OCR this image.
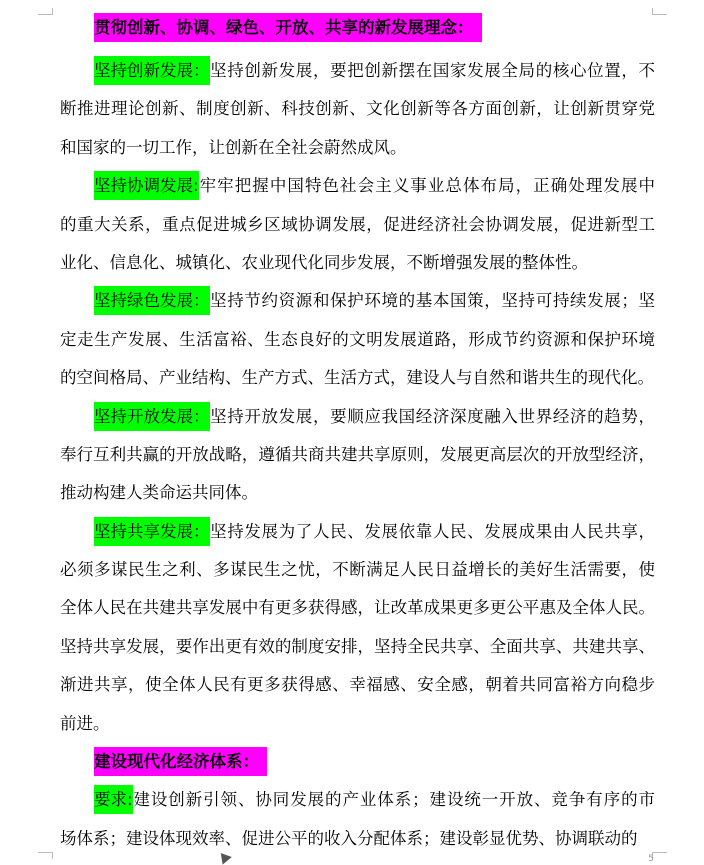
贯彻创新、协调、绿色、开放、共享的新发展理念：
坚持创新发展：坚持创新发展，要把创新摆在国家发展全局的核心位置，不
断推进理论创新、制度创新、科技创新、文化创新等各方面创新，让创新贯穿党
和国家的一切工作，让创新在全社会蔚然成风。
坚持协调发展:牢牢把握中国特色社会主义事业总体布局，正确处理发展中
的重大关系，重点促进城乡区域协调发展，促进经济社会协调发展，促进新型工
业化、信息化、城镇化、农业现代化同步发展，不断增强发展的整体性。
坚持绿色发展：坚持节约资源和保护环境的基本国策，坚持可持续发展；坚
定走生产发展、生活富裕、生态良好的文明发展道路，形成节约资源和保护环境
的空间格局、产业结构、生产方式、生活方式，建设人与自然和谐共生的现代化。
坚持开放发展：坚持开放发展，要顺应我国经济深度融入世界经济的趋势，
奉行互利共赢的开放战略，遵循共商共建共享原则，发展更高层次的开放型经济，
推动构建人类命运共同体。
坚持共享发展：坚持发展为了人民、发展依靠人民、发展成果由人民共享，
必须多谋民生之利、多谋民生之忧，不断满足人民日益增长的美好生活需要，使
全体人民在共建共享发展中有更多获得感，让改革成果更多更公平惠及全体人民。
坚持共享发展，要作出更有效的制度安排，坚持全民共享、全面共享、共建共享、
渐进共享，使全体人民有更多获得感、幸福感、安全感，朝着共同富裕方向稳步
前进。
建设现代化经济体系：
要求:建设创新引领、协同发展的产业体系；建设统一开放、竞争有序的市
场体系；建设体现效率、促进公平的收入分配体系；建设彰显优势、协调联动的
5
